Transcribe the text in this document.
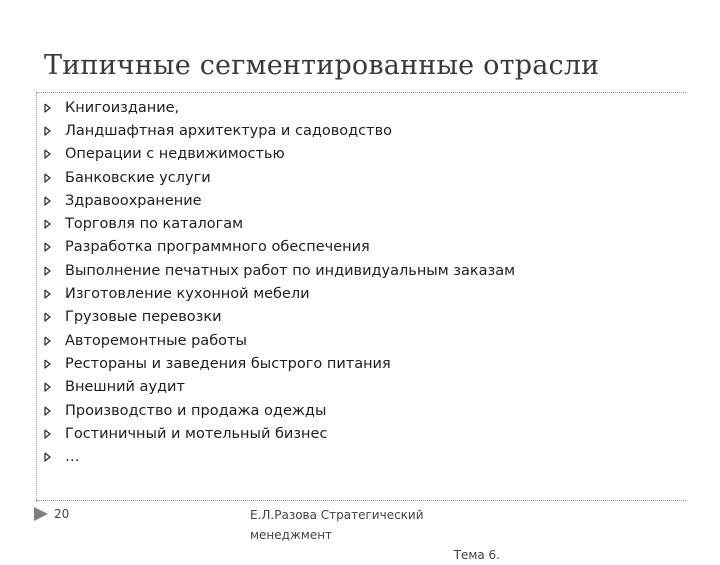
Типичные сегментированные отрасли
Книгоиздание,
Ландшафтная архитектура и садоводство
Операции с недвижимостью
Банковские услуги
Здравоохранение
Торговля по каталогам
Разработка программного обеспечения
Выполнение печатных работ по индивидуальным заказам
Изготовление кухонной мебели
Грузовые перевозки
Авторемонтные работы
Рестораны и заведения быстрого питания
Внешний аудит
Производство и продажа одежды
Гостиничный и мотельный бизнес
…
20	Е.Л.Разова Стратегический менеджмент
Тема 6.
